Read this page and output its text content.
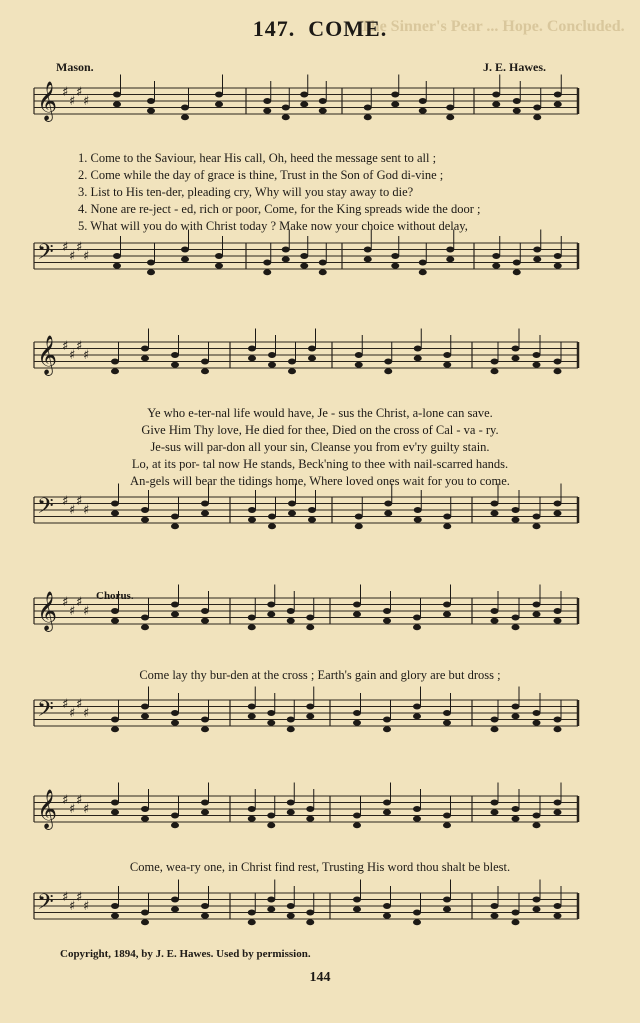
The Sinner's Pear ... Hope. Concluded.
147. COME.
Mason.	J. E. Hawes.
𝄞 ♯
♯
♯
♯
𝄢 ♯
♯
♯
♯
𝄞 ♯
♯
♯
♯
𝄢 ♯
♯
♯
♯
𝄞 ♯
♯
♯
♯
𝄢 ♯
♯
♯
♯
𝄞 ♯
♯
♯
♯
𝄢 ♯
♯
♯
♯
1. Come to the Saviour, hear His call, Oh, heed the message sent to all ;
2. Come while the day of grace is thine, Trust in the Son of God di-vine ;
3. List to His ten-der, pleading cry, Why will you stay away to die?
4. None are re-ject - ed, rich or poor, Come, for the King spreads wide the door ;
5. What will you do with Christ today ? Make now your choice without delay,
Ye who e-ter-nal life would have, Je - sus the Christ, a-lone can save.
Give Him Thy love, He died for thee, Died on the cross of Cal - va - ry.
Je-sus will par-don all your sin, Cleanse you from ev'ry guilty stain.
Lo, at its por- tal now He stands, Beck'ning to thee with nail-scarred hands.
An-gels will bear the tidings home, Where loved ones wait for you to come.
Chorus.
Come lay thy bur-den at the cross ; Earth's gain and glory are but dross ;
Come, wea-ry one, in Christ find rest, Trusting His word thou shalt be blest.
Copyright, 1894, by J. E. Hawes. Used by permission.
144
